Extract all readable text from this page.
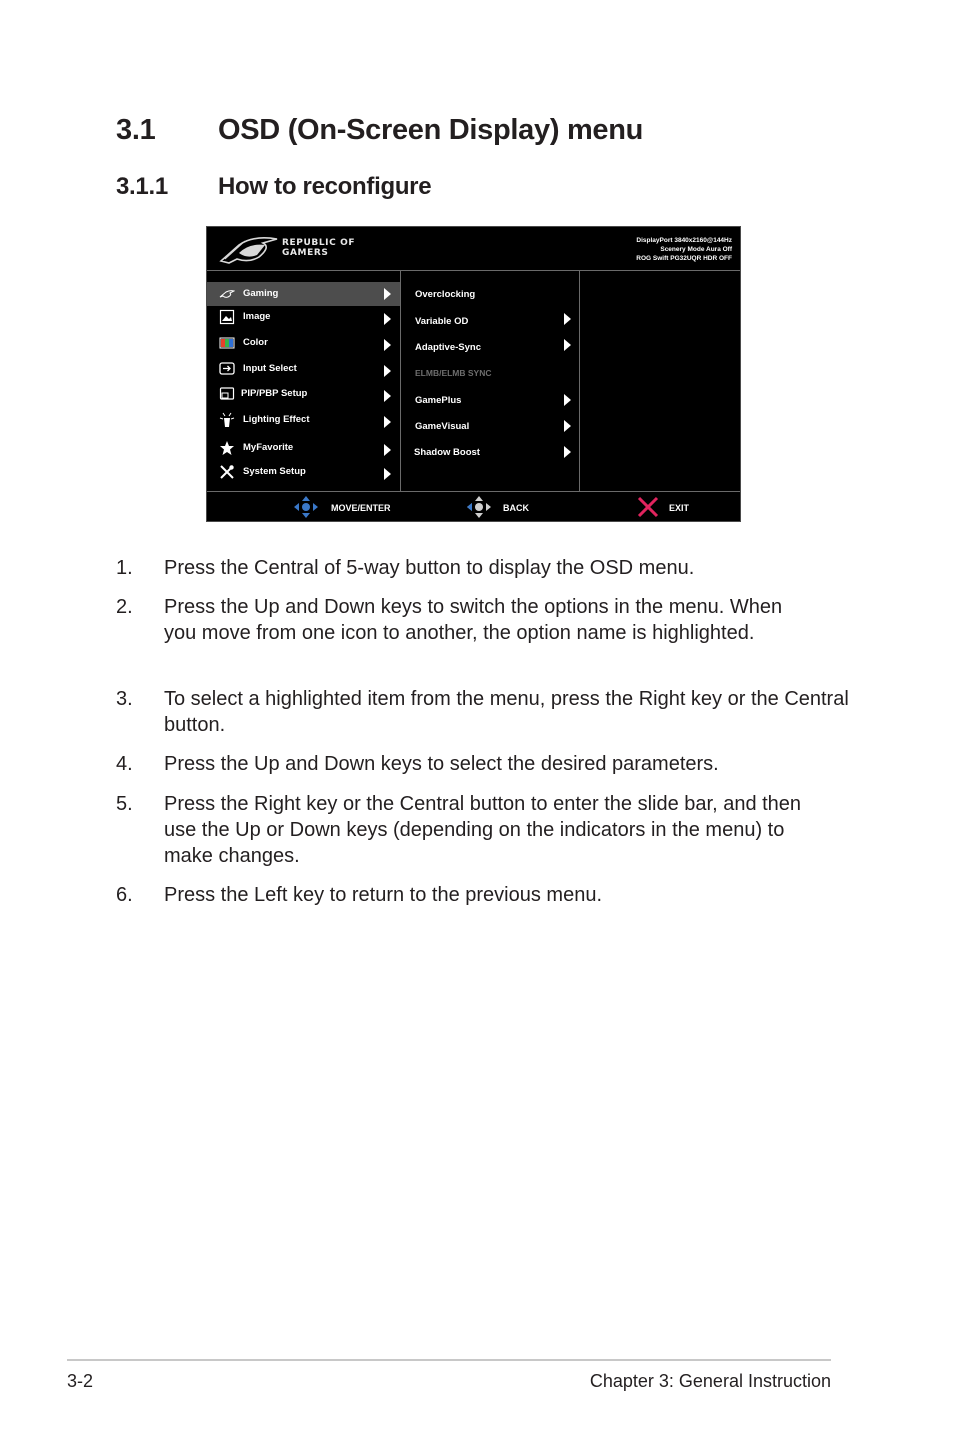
3.1 OSD (On-Screen Display) menu
3.1.1 How to reconfigure
REPUBLIC OF
GAMERS
DisplayPort 3840x2160@144Hz
Scenery Mode Aura Off
ROG Swift PG32UQR HDR OFF
Gaming
Image
Color
Input Select
PIP/PBP Setup
Lighting Effect
MyFavorite
System Setup
Overclocking
Variable OD
Adaptive-Sync
ELMB/ELMB SYNC
GamePlus
GameVisual
Shadow Boost
MOVE/ENTER	BACK	EXIT
1. Press the Central of 5-way button to display the OSD menu.
2. Press the Up and Down keys to switch the options in the menu. When you move from one icon to another, the option name is highlighted.
3. To select a highlighted item from the menu, press the Right key or the Central button.
4. Press the Up and Down keys to select the desired parameters.
5. Press the Right key or the Central button to enter the slide bar, and then use the Up or Down keys (depending on the indicators in the menu) to make changes.
6. Press the Left key to return to the previous menu.
3-2	Chapter 3: General Instruction
